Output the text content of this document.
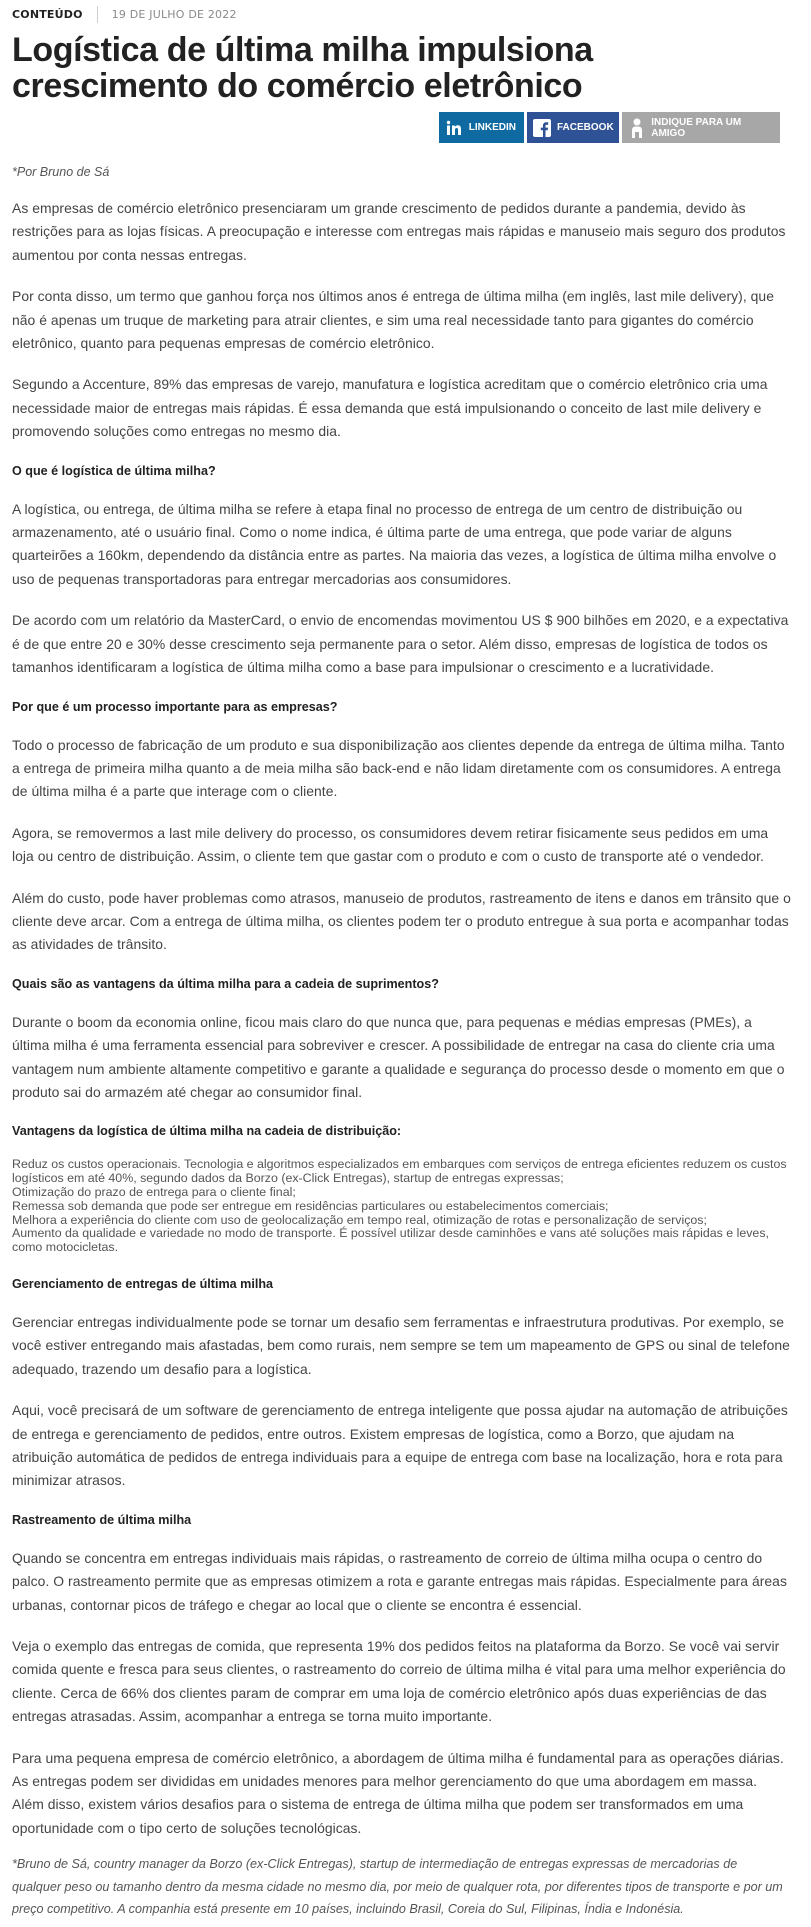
CONTEÚDO	19 DE JULHO DE 2022
Logística de última milha impulsiona
crescimento do comércio eletrônico
LINKEDIN	FACEBOOK	INDIQUE PARA UM AMIGO
*Por Bruno de Sá

As empresas de comércio eletrônico presenciaram um grande crescimento de pedidos durante a pandemia, devido às restrições para as lojas físicas. A preocupação e interesse com entregas mais rápidas e manuseio mais seguro dos produtos aumentou por conta nessas entregas.

Por conta disso, um termo que ganhou força nos últimos anos é entrega de última milha (em inglês, last mile delivery), que não é apenas um truque de marketing para atrair clientes, e sim uma real necessidade tanto para gigantes do comércio eletrônico, quanto para pequenas empresas de comércio eletrônico.

Segundo a Accenture, 89% das empresas de varejo, manufatura e logística acreditam que o comércio eletrônico cria uma necessidade maior de entregas mais rápidas. É essa demanda que está impulsionando o conceito de last mile delivery e promovendo soluções como entregas no mesmo dia.

O que é logística de última milha?

A logística, ou entrega, de última milha se refere à etapa final no processo de entrega de um centro de distribuição ou armazenamento, até o usuário final. Como o nome indica, é última parte de uma entrega, que pode variar de alguns quarteirões a 160km, dependendo da distância entre as partes. Na maioria das vezes, a logística de última milha envolve o uso de pequenas transportadoras para entregar mercadorias aos consumidores.

De acordo com um relatório da MasterCard, o envio de encomendas movimentou US $ 900 bilhões em 2020, e a expectativa é de que entre 20 e 30% desse crescimento seja permanente para o setor. Além disso, empresas de logística de todos os tamanhos identificaram a logística de última milha como a base para impulsionar o crescimento e a lucratividade.

Por que é um processo importante para as empresas?

Todo o processo de fabricação de um produto e sua disponibilização aos clientes depende da entrega de última milha. Tanto a entrega de primeira milha quanto a de meia milha são back-end e não lidam diretamente com os consumidores. A entrega de última milha é a parte que interage com o cliente.

Agora, se removermos a last mile delivery do processo, os consumidores devem retirar fisicamente seus pedidos em uma loja ou centro de distribuição. Assim, o cliente tem que gastar com o produto e com o custo de transporte até o vendedor.

Além do custo, pode haver problemas como atrasos, manuseio de produtos, rastreamento de itens e danos em trânsito que o cliente deve arcar. Com a entrega de última milha, os clientes podem ter o produto entregue à sua porta e acompanhar todas as atividades de trânsito.

Quais são as vantagens da última milha para a cadeia de suprimentos?

Durante o boom da economia online, ficou mais claro do que nunca que, para pequenas e médias empresas (PMEs), a última milha é uma ferramenta essencial para sobreviver e crescer. A possibilidade de entregar na casa do cliente cria uma vantagem num ambiente altamente competitivo e garante a qualidade e segurança do processo desde o momento em que o produto sai do armazém até chegar ao consumidor final.

Vantagens da logística de última milha na cadeia de distribuição:
Reduz os custos operacionais. Tecnologia e algoritmos especializados em embarques com serviços de entrega eficientes reduzem os custos logísticos em até 40%, segundo dados da Borzo (ex-Click Entregas), startup de entregas expressas;
Otimização do prazo de entrega para o cliente final;
Remessa sob demanda que pode ser entregue em residências particulares ou estabelecimentos comerciais;
Melhora a experiência do cliente com uso de geolocalização em tempo real, otimização de rotas e personalização de serviços;
Aumento da qualidade e variedade no modo de transporte. É possível utilizar desde caminhões e vans até soluções mais rápidas e leves, como motocicletas.
Gerenciamento de entregas de última milha

Gerenciar entregas individualmente pode se tornar um desafio sem ferramentas e infraestrutura produtivas. Por exemplo, se você estiver entregando mais afastadas, bem como rurais, nem sempre se tem um mapeamento de GPS ou sinal de telefone adequado, trazendo um desafio para a logística.

Aqui, você precisará de um software de gerenciamento de entrega inteligente que possa ajudar na automação de atribuições de entrega e gerenciamento de pedidos, entre outros. Existem empresas de logística, como a Borzo, que ajudam na atribuição automática de pedidos de entrega individuais para a equipe de entrega com base na localização, hora e rota para minimizar atrasos.

Rastreamento de última milha

Quando se concentra em entregas individuais mais rápidas, o rastreamento de correio de última milha ocupa o centro do palco. O rastreamento permite que as empresas otimizem a rota e garante entregas mais rápidas. Especialmente para áreas urbanas, contornar picos de tráfego e chegar ao local que o cliente se encontra é essencial.

Veja o exemplo das entregas de comida, que representa 19% dos pedidos feitos na plataforma da Borzo. Se você vai servir comida quente e fresca para seus clientes, o rastreamento do correio de última milha é vital para uma melhor experiência do cliente. Cerca de 66% dos clientes param de comprar em uma loja de comércio eletrônico após duas experiências de das entregas atrasadas. Assim, acompanhar a entrega se torna muito importante.

Para uma pequena empresa de comércio eletrônico, a abordagem de última milha é fundamental para as operações diárias. As entregas podem ser divididas em unidades menores para melhor gerenciamento do que uma abordagem em massa. Além disso, existem vários desafios para o sistema de entrega de última milha que podem ser transformados em uma oportunidade com o tipo certo de soluções tecnológicas.

*Bruno de Sá, country manager da Borzo (ex-Click Entregas), startup de intermediação de entregas expressas de mercadorias de qualquer peso ou tamanho dentro da mesma cidade no mesmo dia, por meio de qualquer rota, por diferentes tipos de transporte e por um preço competitivo. A companhia está presente em 10 países, incluindo Brasil, Coreia do Sul, Filipinas, Índia e Indonésia.
